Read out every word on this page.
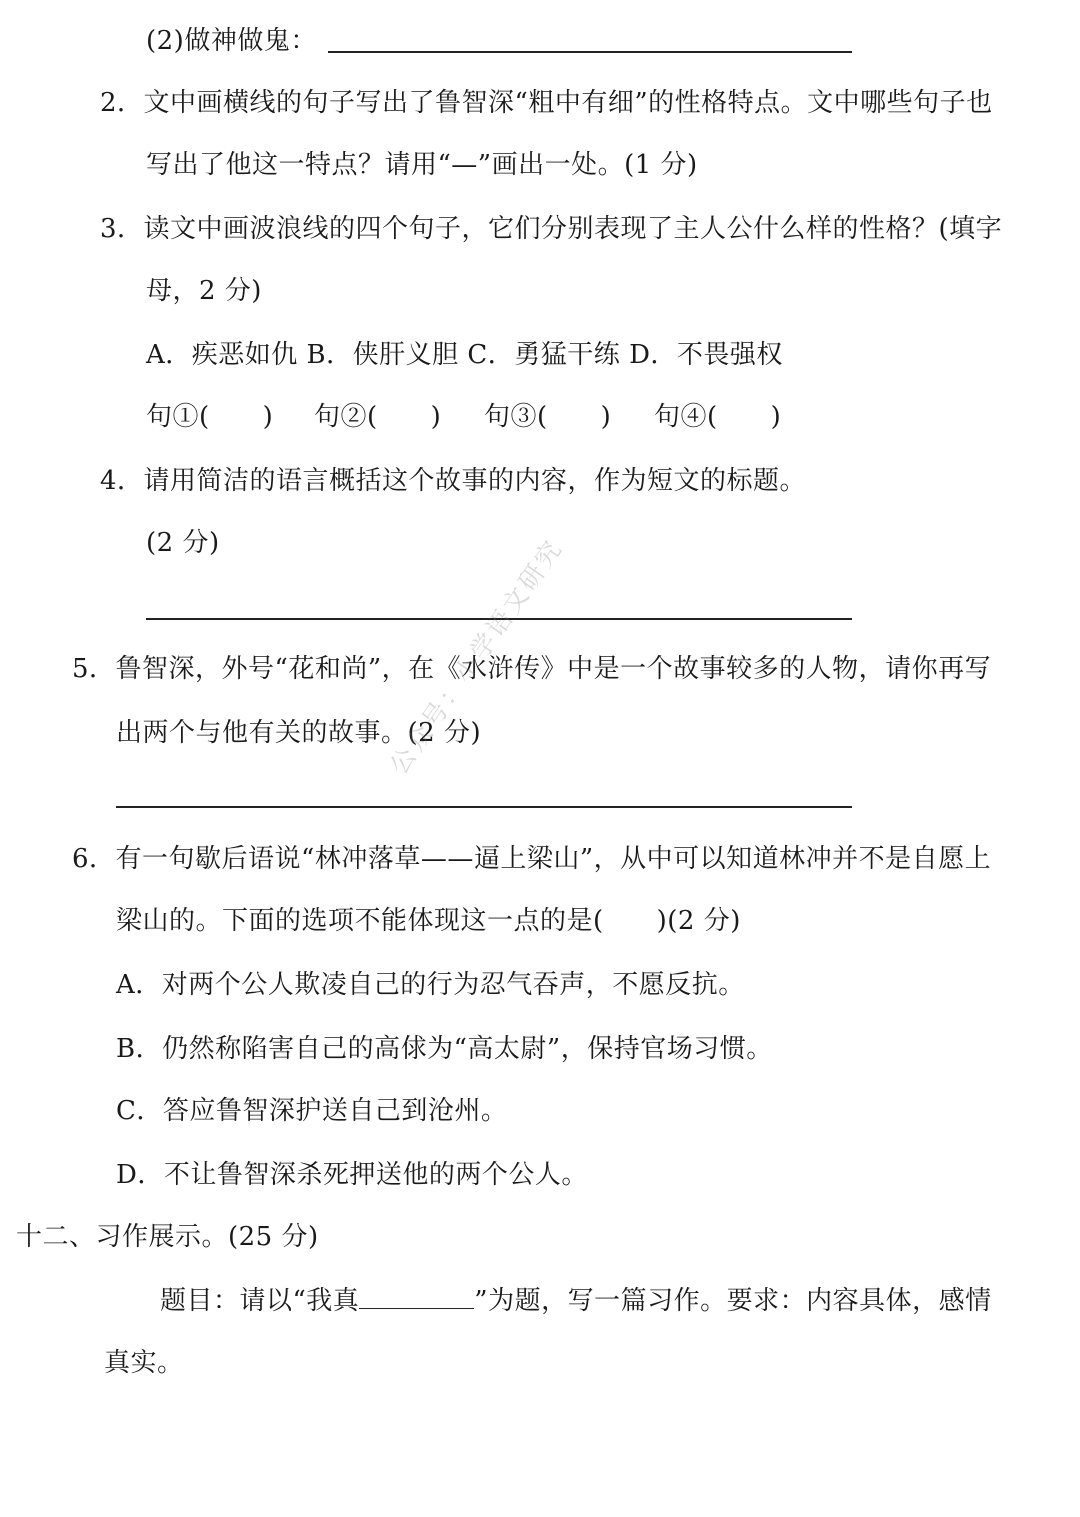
(2)做神做鬼：
2．文中画横线的句子写出了鲁智深“粗中有细”的性格特点。文中哪些句子也
写出了他这一特点？请用“—”画出一处。(1 分)
3．读文中画波浪线的四个句子，它们分别表现了主人公什么样的性格？(填字
母，2 分)
A．疾恶如仇 B．侠肝义胆 C．勇猛干练 D．不畏强权
句①(　　) 句②(　　) 句③(　　) 句④(　　)
4．请用简洁的语言概括这个故事的内容，作为短文的标题。
(2 分)
5．鲁智深，外号“花和尚”，在《水浒传》中是一个故事较多的人物，请你再写
出两个与他有关的故事。(2 分)
6．有一句歇后语说“林冲落草——逼上梁山”，从中可以知道林冲并不是自愿上
梁山的。下面的选项不能体现这一点的是(　　)(2 分)
A．对两个公人欺凌自己的行为忍气吞声，不愿反抗。
B．仍然称陷害自己的高俅为“高太尉”，保持官场习惯。
C．答应鲁智深护送自己到沧州。
D．不让鲁智深杀死押送他的两个公人。
十二、习作展示。(25 分)
题目：请以“我真	”为题，写一篇习作。要求：内容具体，感情
真实。
公众号：小学语文研究
